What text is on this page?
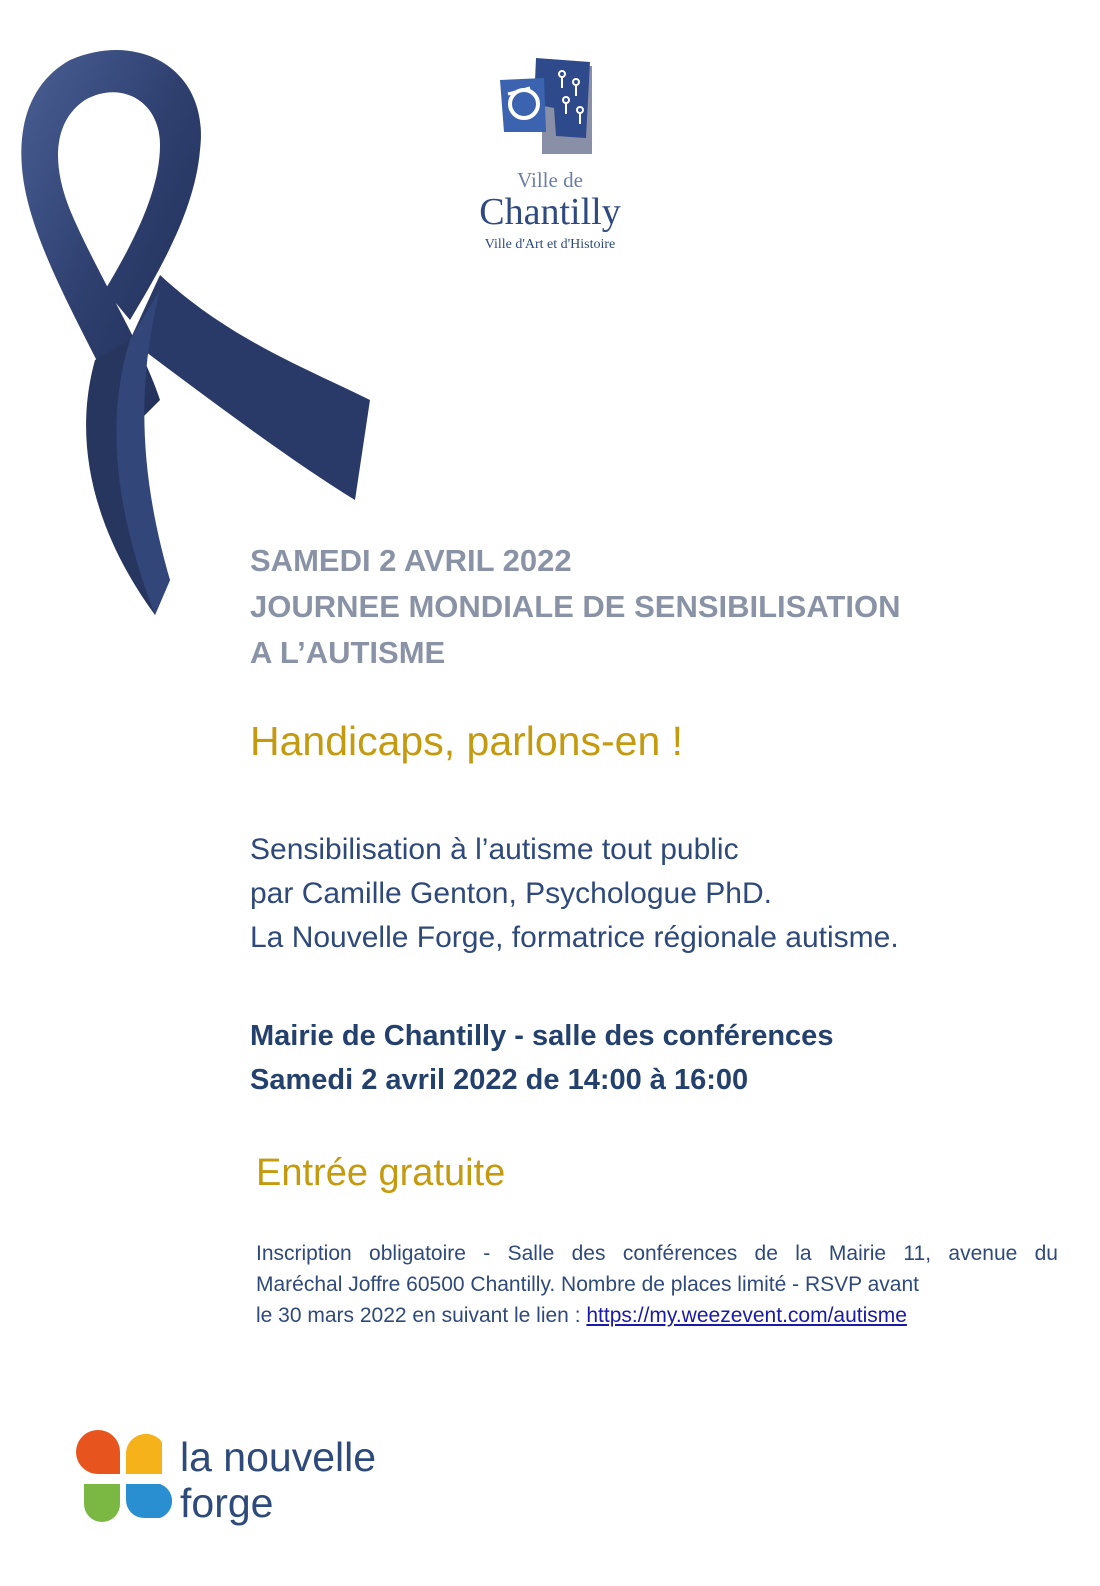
Ville de
Chantilly
Ville d'Art et d'Histoire
SAMEDI 2 AVRIL 2022
JOURNEE MONDIALE DE SENSIBILISATION
A L’AUTISME
Handicaps, parlons-en !
Sensibilisation à l’autisme tout public
par Camille Genton, Psychologue PhD.
La Nouvelle Forge, formatrice régionale autisme.
Mairie de Chantilly - salle des conférences
Samedi 2 avril 2022 de 14:00 à 16:00
Entrée gratuite
Inscription obligatoire - Salle des conférences de la Mairie 11, avenue du
Maréchal Joffre 60500 Chantilly. Nombre de places limité - RSVP avant
le 30 mars 2022 en suivant le lien : https://my.weezevent.com/autisme
la nouvelle
forge
